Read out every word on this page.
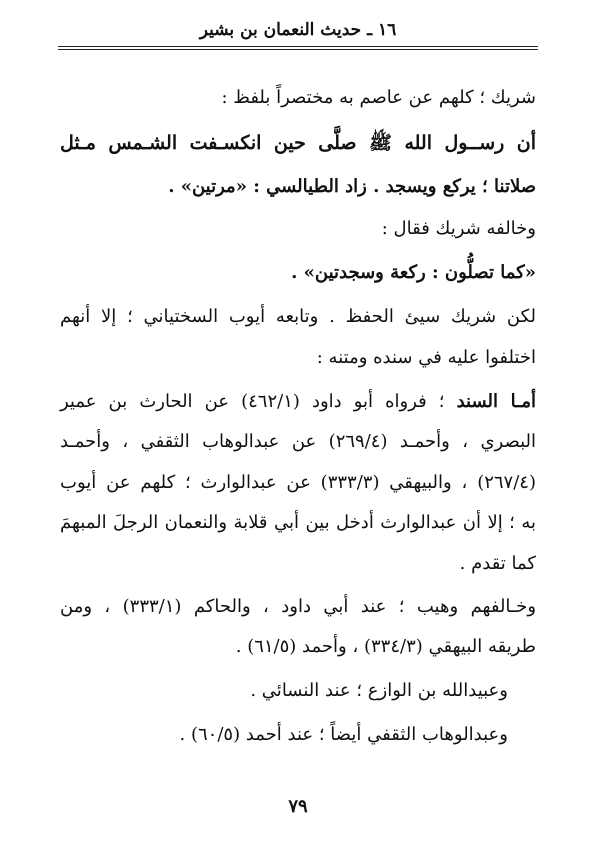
١٦ ـ حديث النعمان بن بشير
شريك ؛ كلهم عن عاصم به مختصراً بلفظ :
أن رســول الله ﷺ صلَّى حين انكسـفت الشـمس مـثل
صلاتنا ؛ يركع ويسجد . زاد الطيالسي : «مرتين» .
وخالفه شريك فقال :
«كما تصلُّون : ركعة وسجدتين» .
لكن شريك سيئ الحفظ . وتابعه أيوب السختياني ؛ إلا أنهم
اختلفوا عليه في سنده ومتنه :
أمـا السند ؛ فرواه أبو داود (٤٦٢/١) عن الحارث بن عمير
البصري ، وأحمـد (٢٦٩/٤) عن عبدالوهاب الثقفي ، وأحمـد
(٢٦٧/٤) ، والبيهقي (٣٣٣/٣) عن عبدالوارث ؛ كلهم عن أيوب
به ؛ إلا أن عبدالوارث أدخل بين أبي قلابة والنعمان الرجلَ المبهمَ
كما تقدم .
وخـالفهم وهيب ؛ عند أبي داود ، والحاكم (٣٣٣/١) ، ومن
طريقه البيهقي (٣٣٤/٣) ، وأحمد (٦١/٥) .
وعبيدالله بن الوازع ؛ عند النسائي .
وعبدالوهاب الثقفي أيضاً ؛ عند أحمد (٦٠/٥) .
٧٩
